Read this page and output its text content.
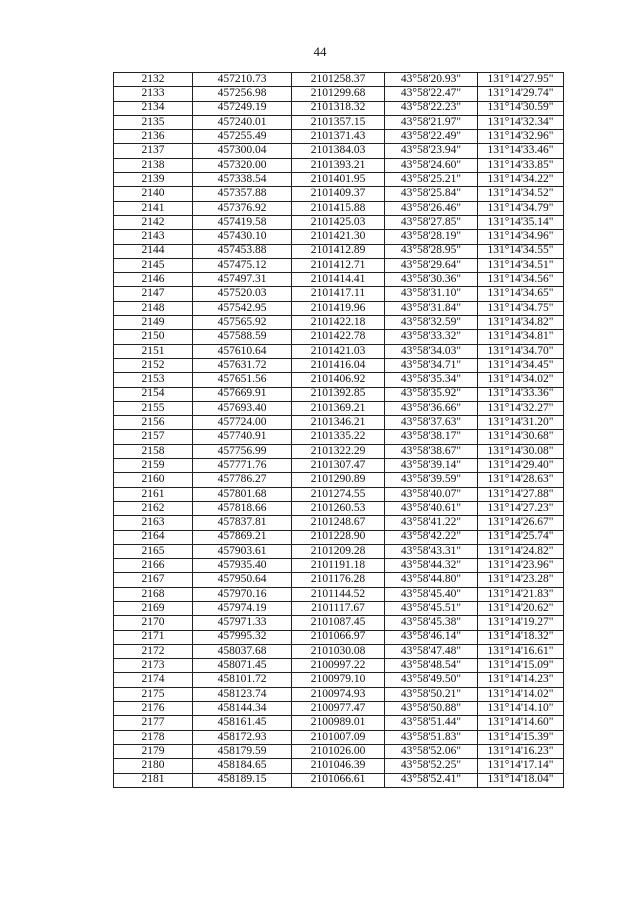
44
2132	457210.73	2101258.37	43°58'20.93"	131°14'27.95"
2133	457256.98	2101299.68	43°58'22.47"	131°14'29.74"
2134	457249.19	2101318.32	43°58'22.23"	131°14'30.59"
2135	457240.01	2101357.15	43°58'21.97"	131°14'32.34"
2136	457255.49	2101371.43	43°58'22.49"	131°14'32.96"
2137	457300.04	2101384.03	43°58'23.94"	131°14'33.46"
2138	457320.00	2101393.21	43°58'24.60"	131°14'33.85"
2139	457338.54	2101401.95	43°58'25.21"	131°14'34.22"
2140	457357.88	2101409.37	43°58'25.84"	131°14'34.52"
2141	457376.92	2101415.88	43°58'26.46"	131°14'34.79"
2142	457419.58	2101425.03	43°58'27.85"	131°14'35.14"
2143	457430.10	2101421.30	43°58'28.19"	131°14'34.96"
2144	457453.88	2101412.89	43°58'28.95"	131°14'34.55"
2145	457475.12	2101412.71	43°58'29.64"	131°14'34.51"
2146	457497.31	2101414.41	43°58'30.36"	131°14'34.56"
2147	457520.03	2101417.11	43°58'31.10"	131°14'34.65"
2148	457542.95	2101419.96	43°58'31.84"	131°14'34.75"
2149	457565.92	2101422.18	43°58'32.59"	131°14'34.82"
2150	457588.59	2101422.78	43°58'33.32"	131°14'34.81"
2151	457610.64	2101421.03	43°58'34.03"	131°14'34.70"
2152	457631.72	2101416.04	43°58'34.71"	131°14'34.45"
2153	457651.56	2101406.92	43°58'35.34"	131°14'34.02"
2154	457669.91	2101392.85	43°58'35.92"	131°14'33.36"
2155	457693.40	2101369.21	43°58'36.66"	131°14'32.27"
2156	457724.00	2101346.21	43°58'37.63"	131°14'31.20"
2157	457740.91	2101335.22	43°58'38.17"	131°14'30.68"
2158	457756.99	2101322.29	43°58'38.67"	131°14'30.08"
2159	457771.76	2101307.47	43°58'39.14"	131°14'29.40"
2160	457786.27	2101290.89	43°58'39.59"	131°14'28.63"
2161	457801.68	2101274.55	43°58'40.07"	131°14'27.88"
2162	457818.66	2101260.53	43°58'40.61"	131°14'27.23"
2163	457837.81	2101248.67	43°58'41.22"	131°14'26.67"
2164	457869.21	2101228.90	43°58'42.22"	131°14'25.74"
2165	457903.61	2101209.28	43°58'43.31"	131°14'24.82"
2166	457935.40	2101191.18	43°58'44.32"	131°14'23.96"
2167	457950.64	2101176.28	43°58'44.80"	131°14'23.28"
2168	457970.16	2101144.52	43°58'45.40"	131°14'21.83"
2169	457974.19	2101117.67	43°58'45.51"	131°14'20.62"
2170	457971.33	2101087.45	43°58'45.38"	131°14'19.27"
2171	457995.32	2101066.97	43°58'46.14"	131°14'18.32"
2172	458037.68	2101030.08	43°58'47.48"	131°14'16.61"
2173	458071.45	2100997.22	43°58'48.54"	131°14'15.09"
2174	458101.72	2100979.10	43°58'49.50"	131°14'14.23"
2175	458123.74	2100974.93	43°58'50.21"	131°14'14.02"
2176	458144.34	2100977.47	43°58'50.88"	131°14'14.10"
2177	458161.45	2100989.01	43°58'51.44"	131°14'14.60"
2178	458172.93	2101007.09	43°58'51.83"	131°14'15.39"
2179	458179.59	2101026.00	43°58'52.06"	131°14'16.23"
2180	458184.65	2101046.39	43°58'52.25"	131°14'17.14"
2181	458189.15	2101066.61	43°58'52.41"	131°14'18.04"
